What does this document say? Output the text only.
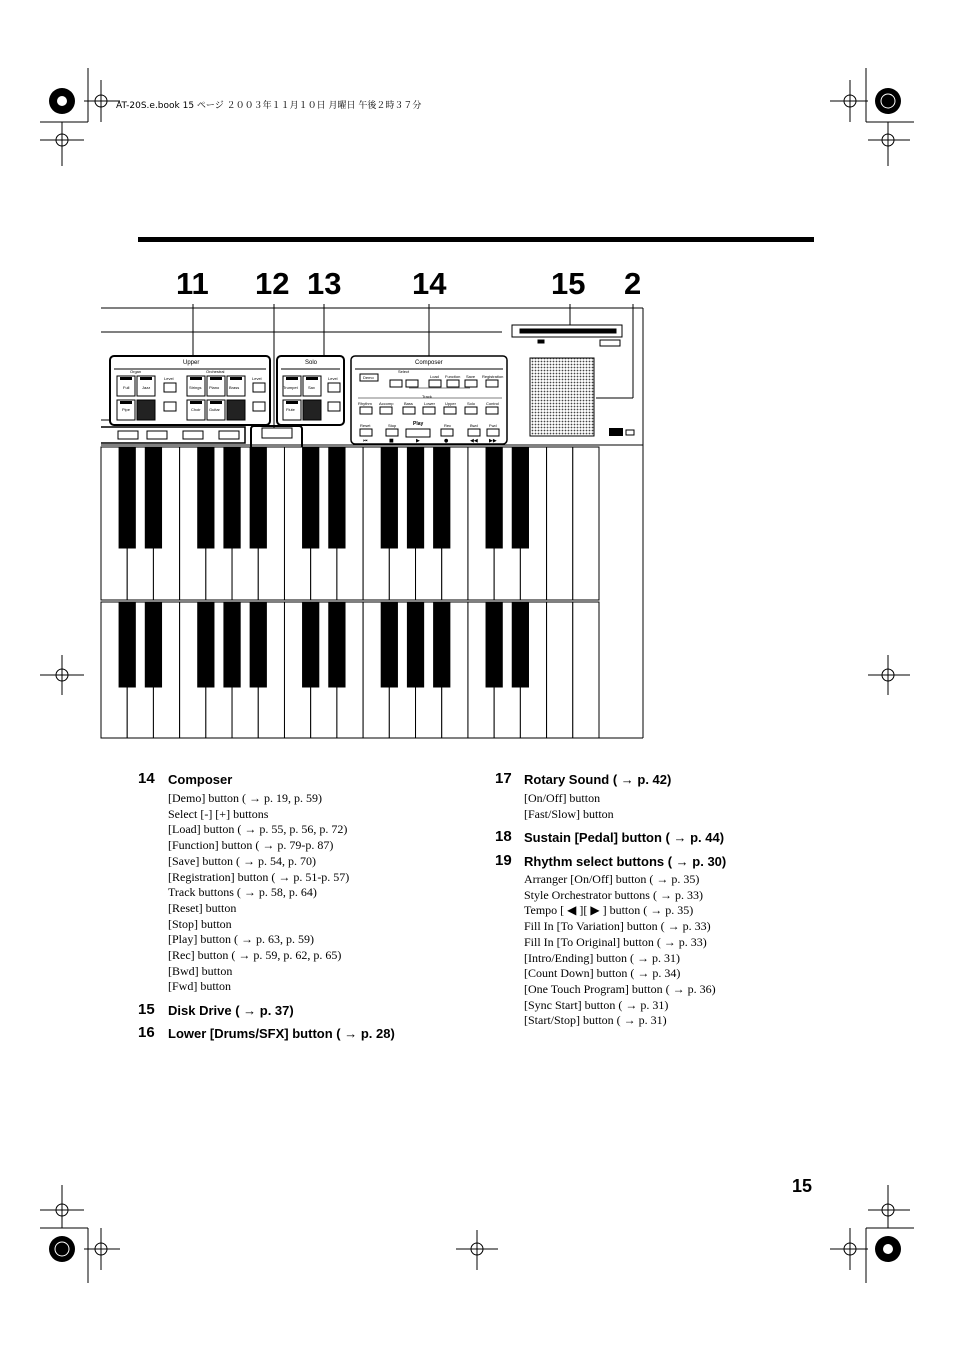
AT-20S.e.book 15 ページ ２００３年１１月１０日 月曜日 午後２時３７分
11 12 13 14	15 2
⏮	■	▶	●	◀◀ ▶▶
Upper
Organ	Orchestral
Level	Level
Full	Jazz	Strings Piano Brass
Pipe	Choir Guitar
Solo
Level
Trumpet	Sax
Flute
Composer
Demo
Select
Load Function Save Registration
Track
Rhythm Accomp	Bass	Lower	Upper	Solo	Control
Reset	Stop	Play	Rec	Bwd	Fwd
14 Composer
[Demo] button ( → p. 19, p. 59)
Select [-] [+] buttons
[Load] button ( → p. 55, p. 56, p. 72)
[Function] button ( → p. 79-p. 87)
[Save] button ( → p. 54, p. 70)
[Registration] button ( → p. 51-p. 57)
Track buttons ( → p. 58, p. 64)
[Reset] button
[Stop] button
[Play] button ( → p. 63, p. 59)
[Rec] button ( → p. 59, p. 62, p. 65)
[Bwd] button
[Fwd] button
15 Disk Drive ( → p. 37)
16 Lower [Drums/SFX] button ( → p. 28)
17 Rotary Sound ( → p. 42)
[On/Off] button
[Fast/Slow] button
18 Sustain [Pedal] button ( → p. 44)
19 Rhythm select buttons ( → p. 30)
Arranger [On/Off] button ( → p. 35)
Style Orchestrator buttons ( → p. 33)
Tempo [ ◀ ][ ▶ ] button ( → p. 35)
Fill In [To Variation] button ( → p. 33)
Fill In [To Original] button ( → p. 33)
[Intro/Ending] button ( → p. 31)
[Count Down] button ( → p. 34)
[One Touch Program] button ( → p. 36)
[Sync Start] button ( → p. 31)
[Start/Stop] button ( → p. 31)
15
